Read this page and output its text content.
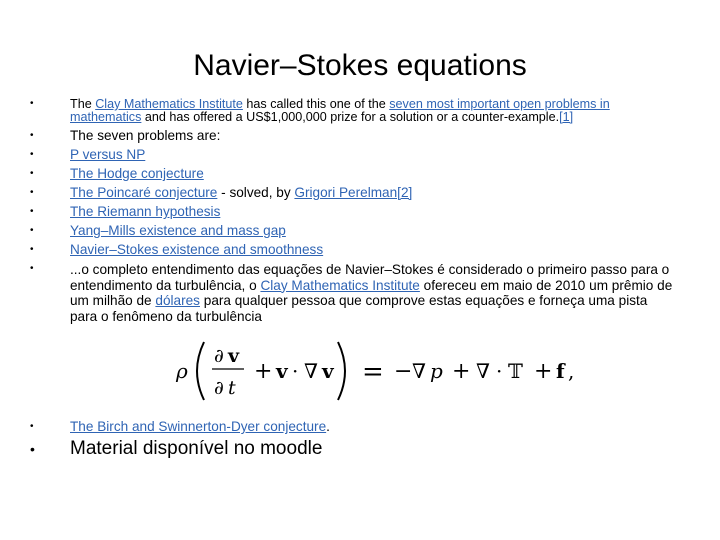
Navier–Stokes equations
•	The Clay Mathematics Institute has called this one of the seven most important open problems in mathematics and has offered a US$1,000,000 prize for a solution or a counter-example.[1]
•	The seven problems are:
•	P versus NP
•	The Hodge conjecture
•	The Poincaré conjecture - solved, by Grigori Perelman[2]
•	The Riemann hypothesis
•	Yang–Mills existence and mass gap
•	Navier–Stokes existence and smoothness
•	...o completo entendimento das equações de Navier–Stokes é considerado o primeiro passo para o entendimento da turbulência, o Clay Mathematics Institute ofereceu em maio de 2010 um prêmio de um milhão de dólares para qualquer pessoa que comprove estas equações e forneça uma pista para o fenômeno da turbulência
ρ
∂ v
∂ t
+ v · ∇ v = − ∇ p + ∇ · 𝕋 + f ,
•	The Birch and Swinnerton-Dyer conjecture.
• Material disponível no moodle
